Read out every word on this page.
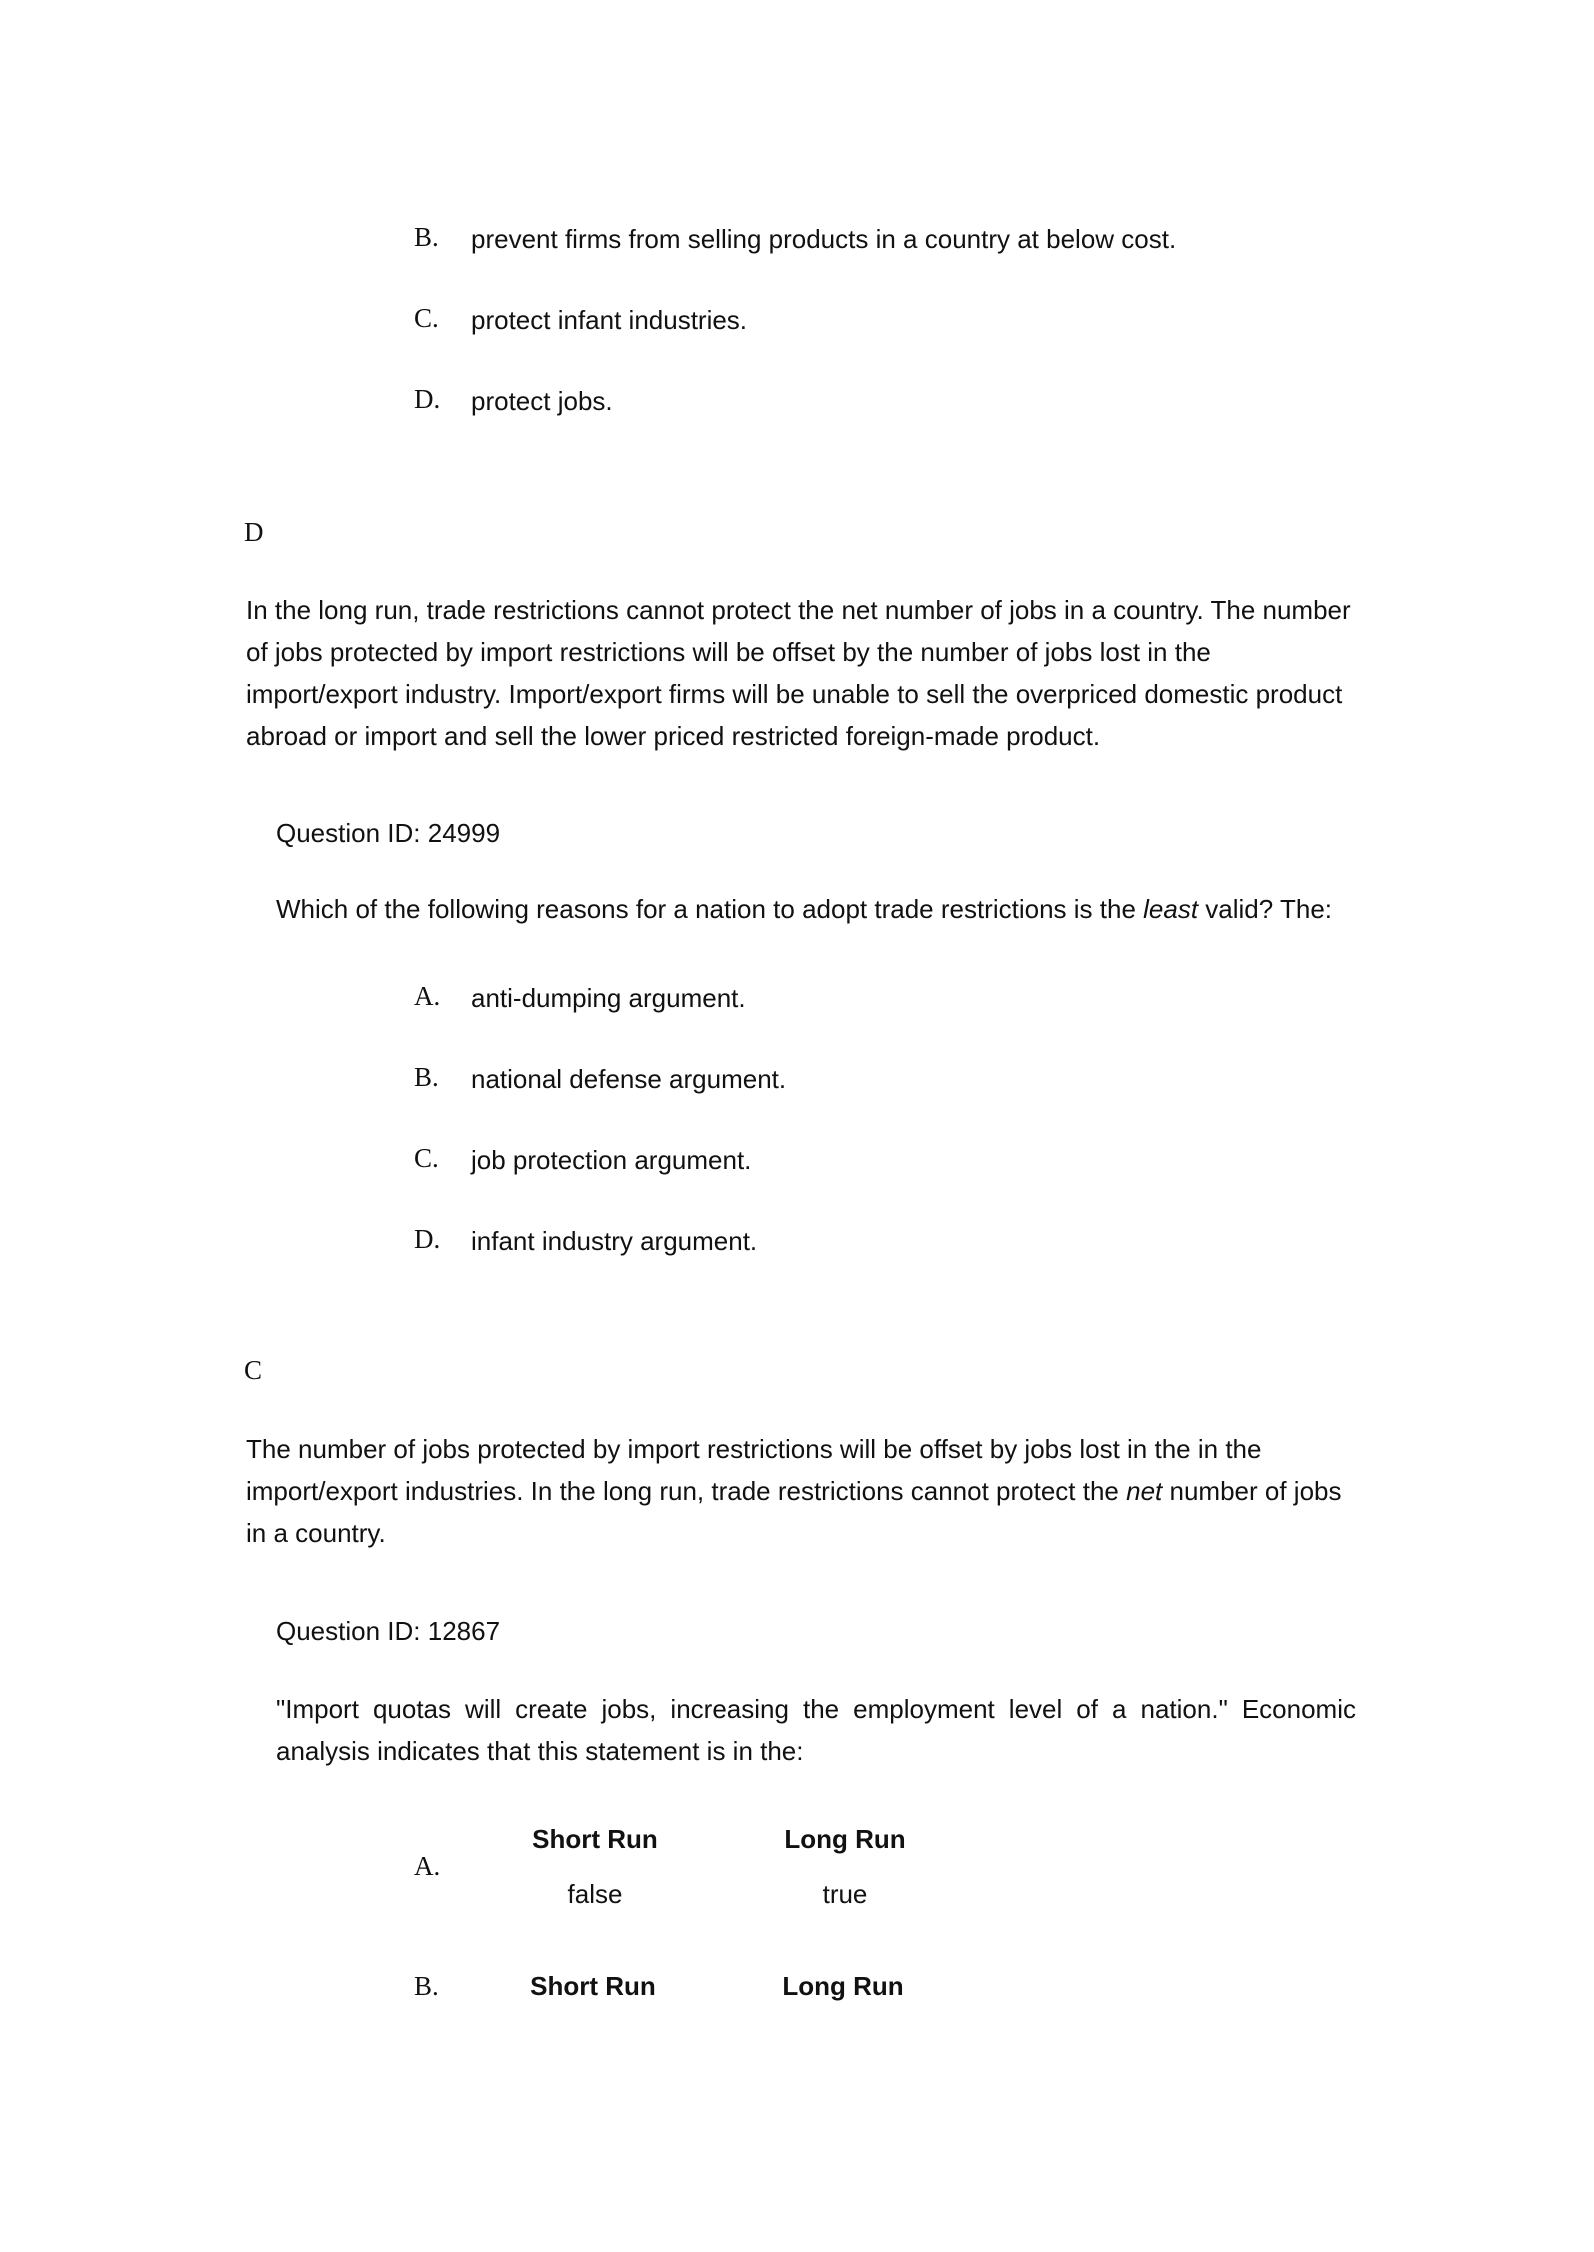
B. prevent firms from selling products in a country at below cost.
C. protect infant industries.
D. protect jobs.
D
In the long run, trade restrictions cannot protect the net number of jobs in a country. The number of jobs protected by import restrictions will be offset by the number of jobs lost in the import/export industry. Import/export firms will be unable to sell the overpriced domestic product abroad or import and sell the lower priced restricted foreign-made product.
Question ID: 24999
Which of the following reasons for a nation to adopt trade restrictions is the least valid? The:
A. anti-dumping argument.
B. national defense argument.
C. job protection argument.
D. infant industry argument.
C
The number of jobs protected by import restrictions will be offset by jobs lost in the in the import/export industries. In the long run, trade restrictions cannot protect the net number of jobs in a country.
Question ID: 12867
"Import quotas will create jobs, increasing the employment level of a nation." Economic analysis indicates that this statement is in the:
A.
Short Run	Long Run
false	true
B.	Short Run	Long Run
